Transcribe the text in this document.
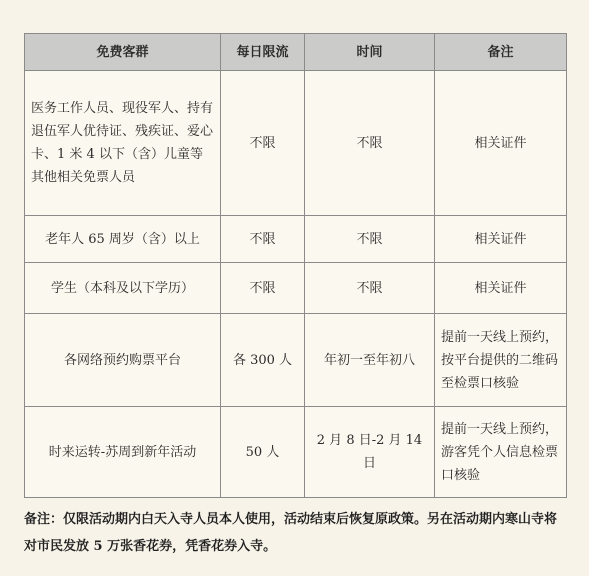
免费客群	每日限流	时间	备注
医务工作人员、现役军人、持有退伍军人优待证、残疾证、爱心卡、1 米 4 以下（含）儿童等其他相关免票人员	不限	不限	相关证件
老年人 65 周岁（含）以上	不限	不限	相关证件
学生（本科及以下学历）	不限	不限	相关证件
各网络预约购票平台	各 300 人	年初一至年初八	提前一天线上预约，按平台提供的二维码至检票口核验
时来运转-苏周到新年活动	50 人	2 月 8 日-2 月 14 日	提前一天线上预约，游客凭个人信息检票口核验
备注：仅限活动期内白天入寺人员本人使用，活动结束后恢复原政策。另在活动期内寒山寺将对市民发放 5 万张香花券，凭香花券入寺。
